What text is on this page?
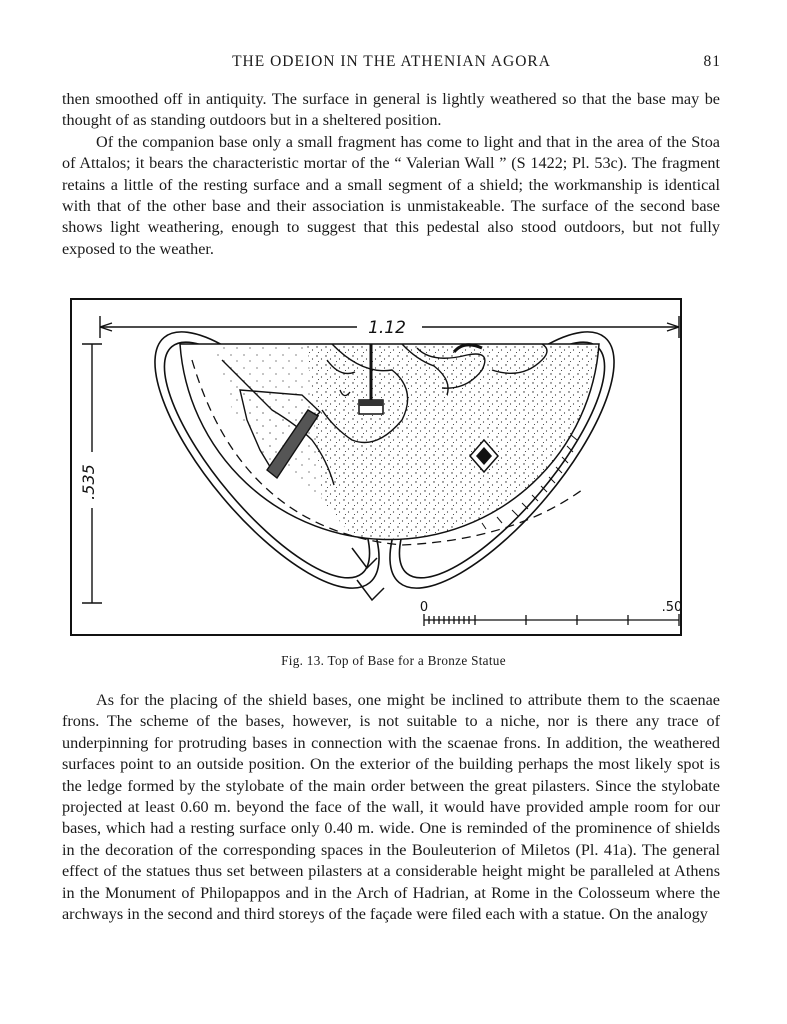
THE ODEION IN THE ATHENIAN AGORA	81

then smoothed off in antiquity. The surface in general is lightly weathered so that the base may be thought of as standing outdoors but in a sheltered position.

Of the companion base only a small fragment has come to light and that in the area of the Stoa of Attalos; it bears the characteristic mortar of the “ Valerian Wall ” (S 1422; Pl. 53c). The fragment retains a little of the resting surface and a small segment of a shield; the workmanship is identical with that of the other base and their association is unmistakeable. The surface of the second base shows light weathering, enough to suggest that this pedestal also stood outdoors, but not fully exposed to the weather.

1.12
.535
0	.50
Fig. 13. Top of Base for a Bronze Statue

As for the placing of the shield bases, one might be inclined to attribute them to the scaenae frons. The scheme of the bases, however, is not suitable to a niche, nor is there any trace of underpinning for protruding bases in connection with the scaenae frons. In addition, the weathered surfaces point to an outside position. On the exterior of the building perhaps the most likely spot is the ledge formed by the stylobate of the main order between the great pilasters. Since the stylobate projected at least 0.60 m. beyond the face of the wall, it would have provided ample room for our bases, which had a resting surface only 0.40 m. wide. One is reminded of the prominence of shields in the decoration of the corresponding spaces in the Bouleuterion of Miletos (Pl. 41a). The general effect of the statues thus set between pilasters at a considerable height might be paralleled at Athens in the Monument of Philopappos and in the Arch of Hadrian, at Rome in the Colosseum where the archways in the second and third storeys of the façade were filed each with a statue. On the analogy
